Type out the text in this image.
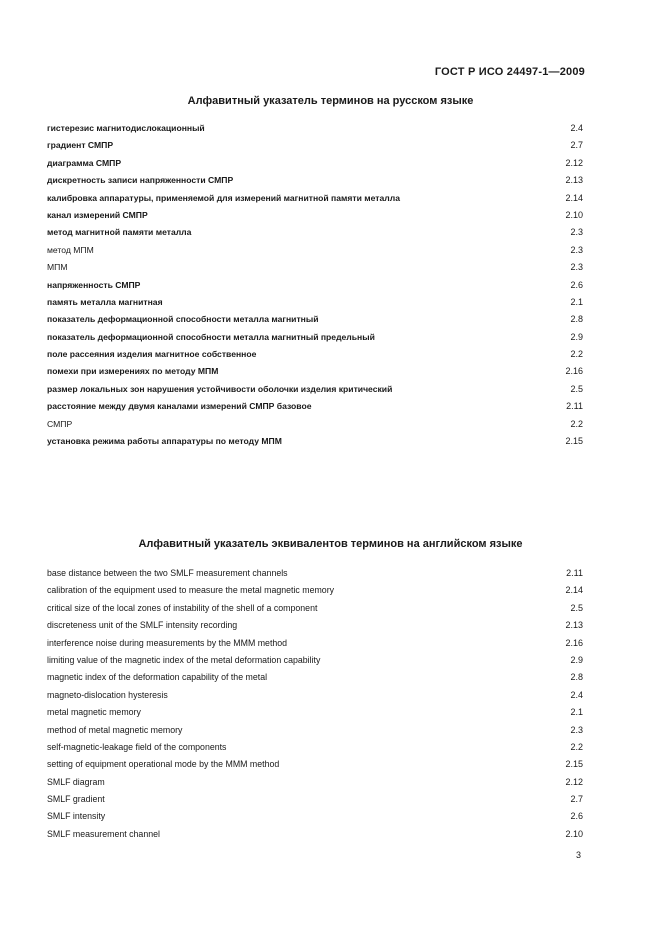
ГОСТ Р ИСО 24497-1—2009
Алфавитный указатель терминов на русском языке
гистерезис магнитодислокационный	2.4
градиент СМПР	2.7
диаграмма СМПР	2.12
дискретность записи напряженности СМПР	2.13
калибровка аппаратуры, применяемой для измерений магнитной памяти металла	2.14
канал измерений СМПР	2.10
метод магнитной памяти металла	2.3
метод МПМ	2.3
МПМ	2.3
напряженность СМПР	2.6
память металла магнитная	2.1
показатель деформационной способности металла магнитный	2.8
показатель деформационной способности металла магнитный предельный	2.9
поле рассеяния изделия магнитное собственное	2.2
помехи при измерениях по методу МПМ	2.16
размер локальных зон нарушения устойчивости оболочки изделия критический	2.5
расстояние между двумя каналами измерений СМПР базовое	2.11
СМПР	2.2
установка режима работы аппаратуры по методу МПМ	2.15
Алфавитный указатель эквивалентов терминов на английском языке
base distance between the two SMLF measurement channels	2.11
calibration of the equipment used to measure the metal magnetic memory	2.14
critical size of the local zones of instability of the shell of a component	2.5
discreteness unit of the SMLF intensity recording	2.13
interference noise during measurements by the MMM method	2.16
limiting value of the magnetic index of the metal deformation capability	2.9
magnetic index of the deformation capability of the metal	2.8
magneto-dislocation hysteresis	2.4
metal magnetic memory	2.1
method of metal magnetic memory	2.3
self-magnetic-leakage field of the components	2.2
setting of equipment operational mode by the MMM method	2.15
SMLF diagram	2.12
SMLF gradient	2.7
SMLF intensity	2.6
SMLF measurement channel	2.10
3
